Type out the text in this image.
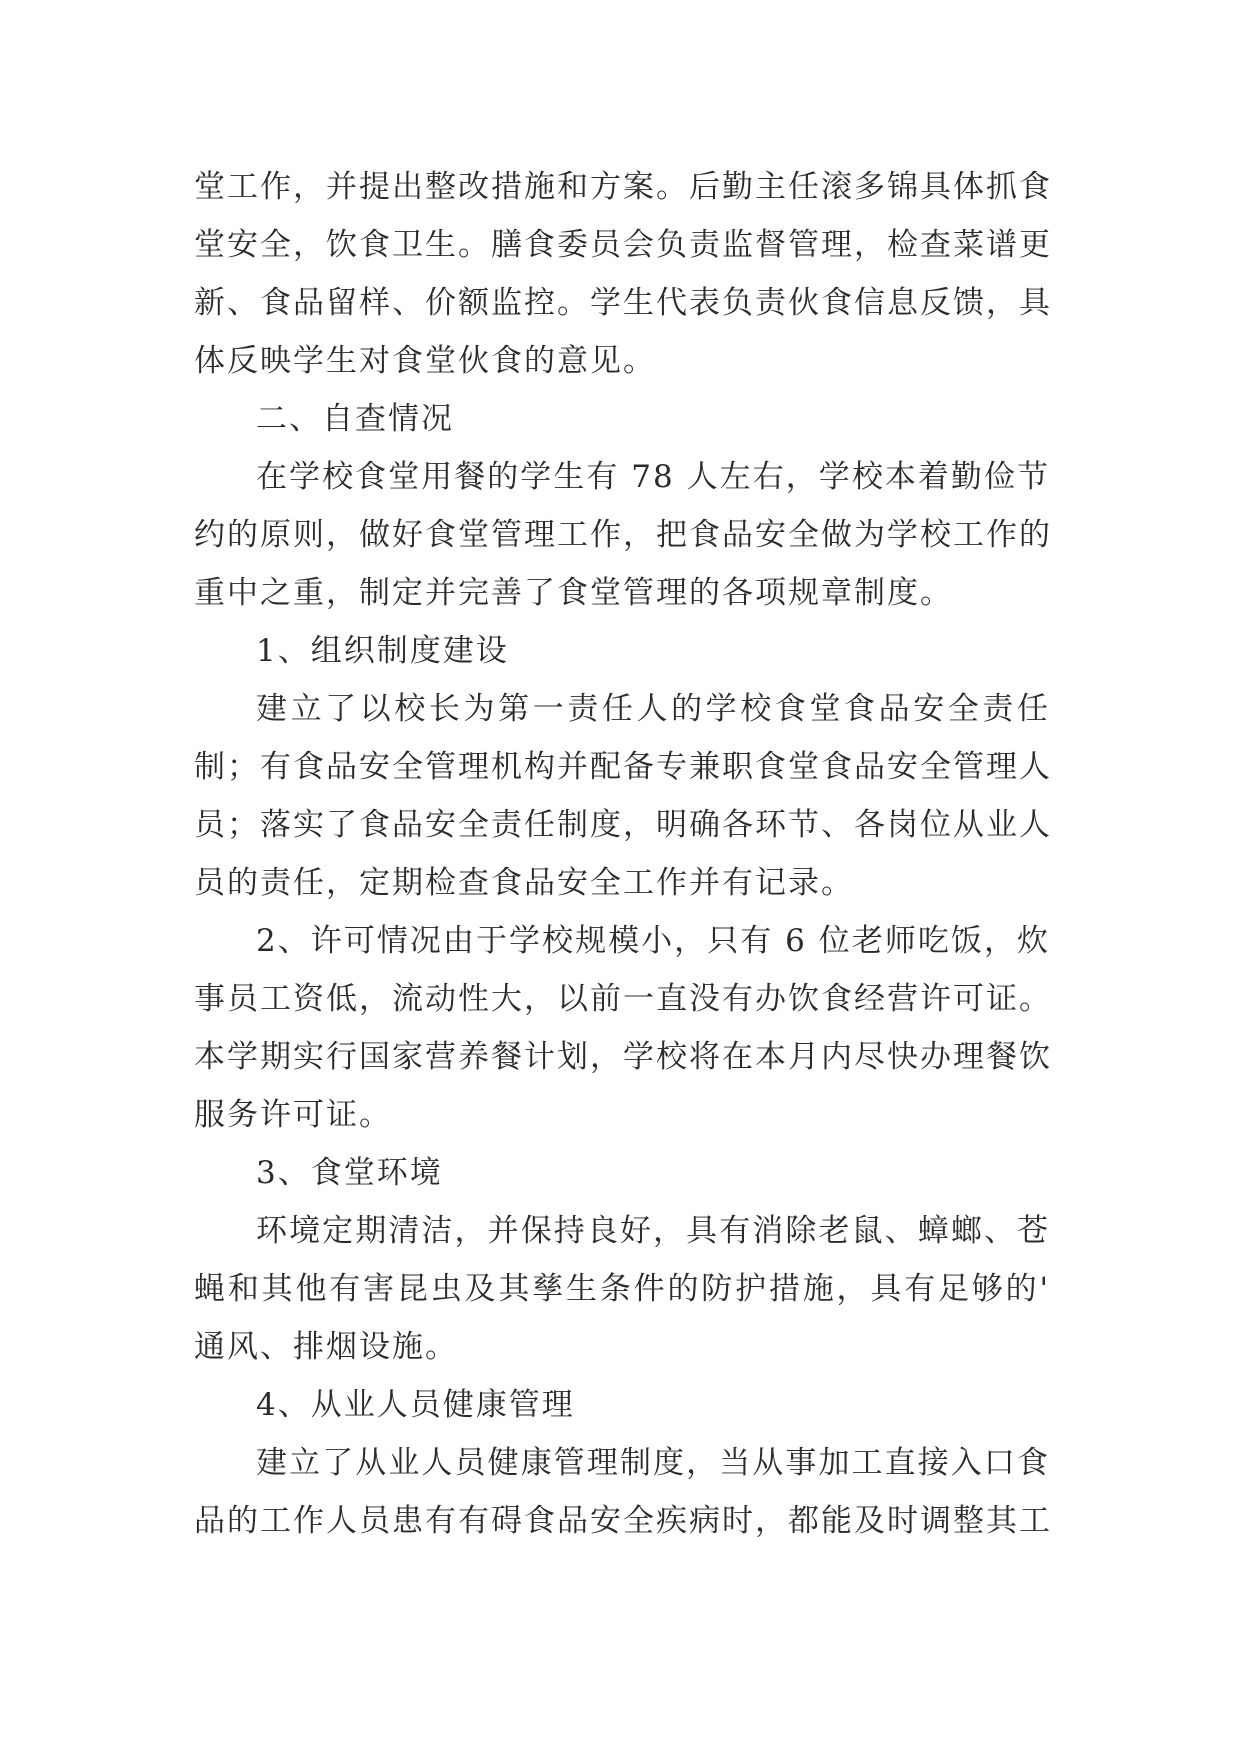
堂工作，并提出整改措施和方案。后勤主任滚多锦具体抓食
堂安全，饮食卫生。膳食委员会负责监督管理，检查菜谱更
新、食品留样、价额监控。学生代表负责伙食信息反馈，具
体反映学生对食堂伙食的意见。
二、自查情况
在学校食堂用餐的学生有 78 人左右，学校本着勤俭节
约的原则，做好食堂管理工作，把食品安全做为学校工作的
重中之重，制定并完善了食堂管理的各项规章制度。
1、组织制度建设
建立了以校长为第一责任人的学校食堂食品安全责任
制；有食品安全管理机构并配备专兼职食堂食品安全管理人
员；落实了食品安全责任制度，明确各环节、各岗位从业人
员的责任，定期检查食品安全工作并有记录。
2、许可情况由于学校规模小，只有 6 位老师吃饭，炊
事员工资低，流动性大，以前一直没有办饮食经营许可证。
本学期实行国家营养餐计划，学校将在本月内尽快办理餐饮
服务许可证。
3、食堂环境
环境定期清洁，并保持良好，具有消除老鼠、蟑螂、苍
蝇和其他有害昆虫及其孳生条件的防护措施，具有足够的'
通风、排烟设施。
4、从业人员健康管理
建立了从业人员健康管理制度，当从事加工直接入口食
品的工作人员患有有碍食品安全疾病时，都能及时调整其工
